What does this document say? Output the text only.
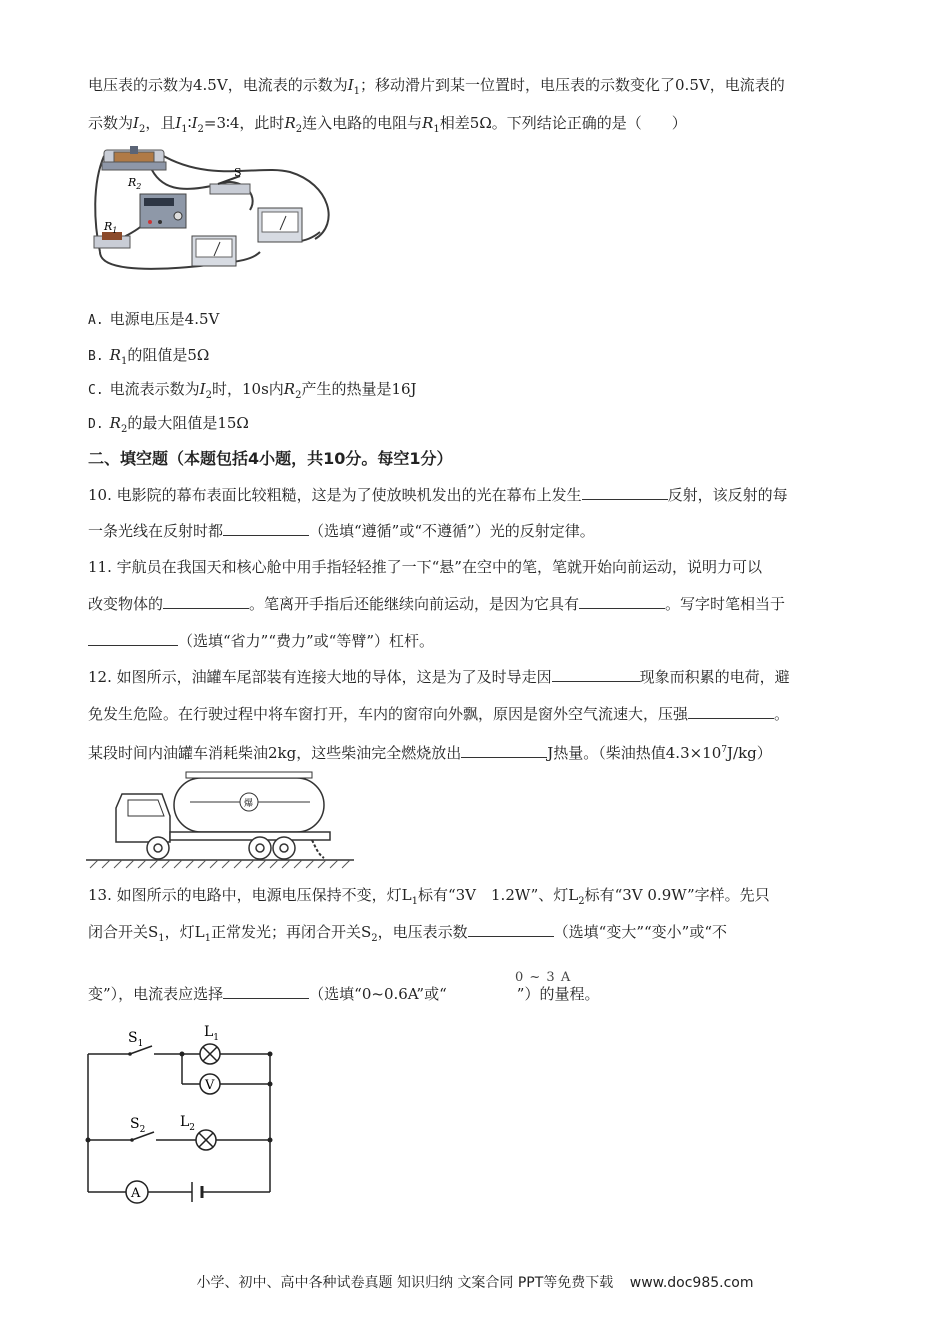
电压表的示数为4.5V，电流表的示数为$I_1$；移动滑片到某一位置时，电压表的示数变化了0.5V，电流表的
示数为$I_2$，且$I_1∶I_2=3∶4$，此时$R_2$连入电路的电阻与$R_1$相差5Ω。下列结论正确的是（　　）
$R_2$
S
$R_1$
A. 电源电压是4.5V
B. $R_1$的阻值是5Ω
C. 电流表示数为$I_2$时，10s内$R_2$产生的热量是16J
D. $R_2$的最大阻值是15Ω
二、填空题（本题包括4小题，共10分。每空1分）
10. 电影院的幕布表面比较粗糙，这是为了使放映机发出的光在幕布上发生	反射，该反射的每
一条光线在反射时都	（选填“遵循”或“不遵循”）光的反射定律。
11. 宇航员在我国天和核心舱中用手指轻轻推了一下“悬”在空中的笔，笔就开始向前运动，说明力可以
改变物体的	。笔离开手指后还能继续向前运动，是因为它具有	。写字时笔相当于
（选填“省力”“费力”或“等臂”）杠杆。
12. 如图所示，油罐车尾部装有连接大地的导体，这是为了及时导走因	现象而积累的电荷，避
免发生危险。在行驶过程中将车窗打开，车内的窗帘向外飘，原因是窗外空气流速大，压强	。
某段时间内油罐车消耗柴油2kg，这些柴油完全燃烧放出	J热量。（柴油热值$4.3\times 10^7J/kg$）
爆
13. 如图所示的电路中，电源电压保持不变，灯$L_1$标有“3V　1.2W”、灯$L_2$标有“3V 0.9W”字样。先只
闭合开关$S_1$，灯$L_1$正常发光；再闭合开关$S_2$，电压表示数	（选填“变大”“变小”或“不
变”），电流表应选择	（选填“0~0.6A”或“	”）的量程。
0 ~ 3 A
V
A
$S_1$
$L_1$
$S_2$ $L_2$
小学、初中、高中各种试卷真题 知识归纳 文案合同 PPT等免费下载 www.doc985.com
